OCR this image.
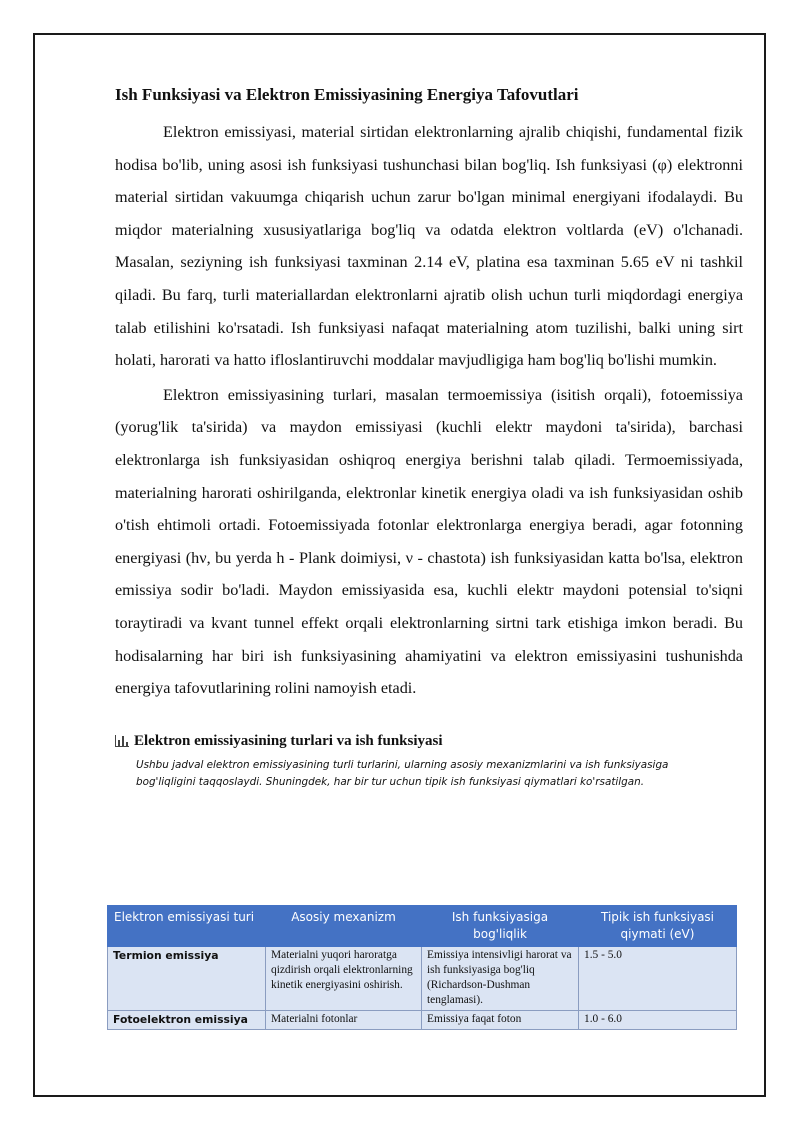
Ish Funksiyasi va Elektron Emissiyasining Energiya Tafovutlari

Elektron emissiyasi, material sirtidan elektronlarning ajralib chiqishi, fundamental fizik hodisa bo'lib, uning asosi ish funksiyasi tushunchasi bilan bog'liq. Ish funksiyasi (φ) elektronni material sirtidan vakuumga chiqarish uchun zarur bo'lgan minimal energiyani ifodalaydi. Bu miqdor materialning xususiyatlariga bog'liq va odatda elektron voltlarda (eV) o'lchanadi. Masalan, seziyning ish funksiyasi taxminan 2.14 eV, platina esa taxminan 5.65 eV ni tashkil qiladi. Bu farq, turli materiallardan elektronlarni ajratib olish uchun turli miqdordagi energiya talab etilishini ko'rsatadi. Ish funksiyasi nafaqat materialning atom tuzilishi, balki uning sirt holati, harorati va hatto ifloslantiruvchi moddalar mavjudligiga ham bog'liq bo'lishi mumkin.

Elektron emissiyasining turlari, masalan termoemissiya (isitish orqali), fotoemissiya (yorug'lik ta'sirida) va maydon emissiyasi (kuchli elektr maydoni ta'sirida), barchasi elektronlarga ish funksiyasidan oshiqroq energiya berishni talab qiladi. Termoemissiyada, materialning harorati oshirilganda, elektronlar kinetik energiya oladi va ish funksiyasidan oshib o'tish ehtimoli ortadi. Fotoemissiyada fotonlar elektronlarga energiya beradi, agar fotonning energiyasi (hν, bu yerda h - Plank doimiysi, ν - chastota) ish funksiyasidan katta bo'lsa, elektron emissiya sodir bo'ladi. Maydon emissiyasida esa, kuchli elektr maydoni potensial to'siqni toraytiradi va kvant tunnel effekt orqali elektronlarning sirtni tark etishiga imkon beradi. Bu hodisalarning har biri ish funksiyasining ahamiyatini va elektron emissiyasini tushunishda energiya tafovutlarining rolini namoyish etadi.

Elektron emissiyasining turlari va ish funksiyasi
Ushbu jadval elektron emissiyasining turli turlarini, ularning asosiy mexanizmlarini va ish funksiyasiga bog'liqligini taqqoslaydi. Shuningdek, har bir tur uchun tipik ish funksiyasi qiymatlari ko'rsatilgan.
Elektron emissiyasi turi	Asosiy mexanizm	Ish funksiyasiga bog'liqlik	Tipik ish funksiyasi qiymati (eV)
Termion emissiya	Materialni yuqori haroratga qizdirish orqali elektronlarning kinetik energiyasini oshirish.	Emissiya intensivligi harorat va ish funksiyasiga bog'liq (Richardson-Dushman tenglamasi).	1.5 - 5.0
Fotoelektron emissiya	Materialni fotonlar	Emissiya faqat foton	1.0 - 6.0
